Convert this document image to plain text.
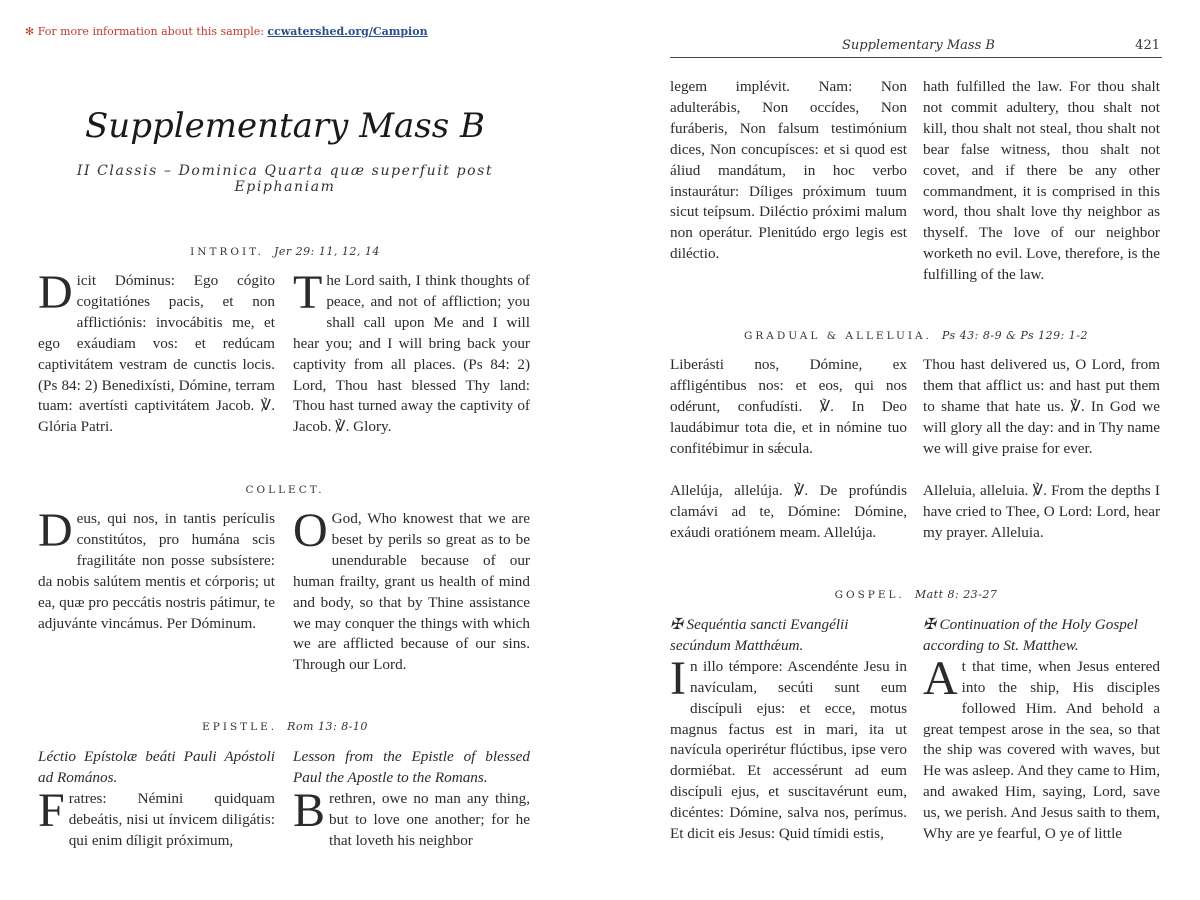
✻ For more information about this sample: ccwatershed.org/Campion
Supplementary Mass B
II Classis – Dominica Quarta quæ superfuit post Epiphaniam
INTROIT. Jer 29: 11, 12, 14

Dicit Dóminus: Ego cógito cogitatiónes pacis, et non afflictiónis: invocábitis me, et ego exáudiam vos: et redúcam captivitátem vestram de cunctis locis. (Ps 84: 2) Benedixísti, Dómine, terram tuam: avertísti captivitátem Jacob. ℣. Glória Patri.

The Lord saith, I think thoughts of peace, and not of affliction; you shall call upon Me and I will hear you; and I will bring back your captivity from all places. (Ps 84: 2) Lord, Thou hast blessed Thy land: Thou hast turned away the captivity of Jacob. ℣. Glory.

COLLECT.

Deus, qui nos, in tantis perículis constitútos, pro humána scis fragilitáte non posse subsístere: da nobis salútem mentis et córporis; ut ea, quæ pro peccátis nostris pátimur, te adjuvánte vincámus. Per Dóminum.

O God, Who knowest that we are beset by perils so great as to be unendurable because of our human frailty, grant us health of mind and body, so that by Thine assistance we may conquer the things with which we are afflicted because of our sins. Through our Lord.

EPISTLE. Rom 13: 8-10

Léctio Epístolæ beáti Pauli Apóstoli ad Romános.

Fratres: Némini quidquam debeátis, nisi ut ínvicem diligátis: qui enim díligit próximum,

Lesson from the Epistle of blessed Paul the Apostle to the Romans.

Brethren, owe no man any thing, but to love one another; for he that loveth his neighbor

Supplementary Mass B	421

legem implévit. Nam: Non adulterábis, Non occídes, Non furáberis, Non falsum testimónium dices, Non concupísces: et si quod est áliud mandátum, in hoc verbo instaurátur: Díliges próximum tuum sicut teípsum. Diléctio próximi malum non operátur. Plenitúdo ergo legis est diléctio.

hath fulfilled the law. For thou shalt not commit adultery, thou shalt not kill, thou shalt not steal, thou shalt not bear false witness, thou shalt not covet, and if there be any other commandment, it is comprised in this word, thou shalt love thy neighbor as thyself. The love of our neighbor worketh no evil. Love, therefore, is the fulfilling of the law.

GRADUAL & ALLELUIA. Ps 43: 8-9 & Ps 129: 1-2

Liberásti nos, Dómine, ex affligéntibus nos: et eos, qui nos odérunt, confudísti. ℣. In Deo laudábimur tota die, et in nómine tuo confitébimur in sǽcula.

Thou hast delivered us, O Lord, from them that afflict us: and hast put them to shame that hate us. ℣. In God we will glory all the day: and in Thy name we will give praise for ever.

Allelúja, allelúja. ℣. De profúndis clamávi ad te, Dómine: Dómine, exáudi oratiónem meam. Allelúja.

Alleluia, alleluia. ℣. From the depths I have cried to Thee, O Lord: Lord, hear my prayer. Alleluia.

GOSPEL. Matt 8: 23-27

✠ Sequéntia sancti Evangélii secúndum Matthǽum.

In illo témpore: Ascendénte Jesu in navículam, secúti sunt eum discípuli ejus: et ecce, motus magnus factus est in mari, ita ut navícula operirétur flúctibus, ipse vero dormiébat. Et accessérunt ad eum discípuli ejus, et suscitavérunt eum, dicéntes: Dómine, salva nos, perímus. Et dicit eis Jesus: Quid tímidi estis,

✠ Continuation of the Holy Gospel according to St. Matthew.

At that time, when Jesus entered into the ship, His disciples followed Him. And behold a great tempest arose in the sea, so that the ship was covered with waves, but He was asleep. And they came to Him, and awaked Him, saying, Lord, save us, we perish. And Jesus saith to them, Why are ye fearful, O ye of little
